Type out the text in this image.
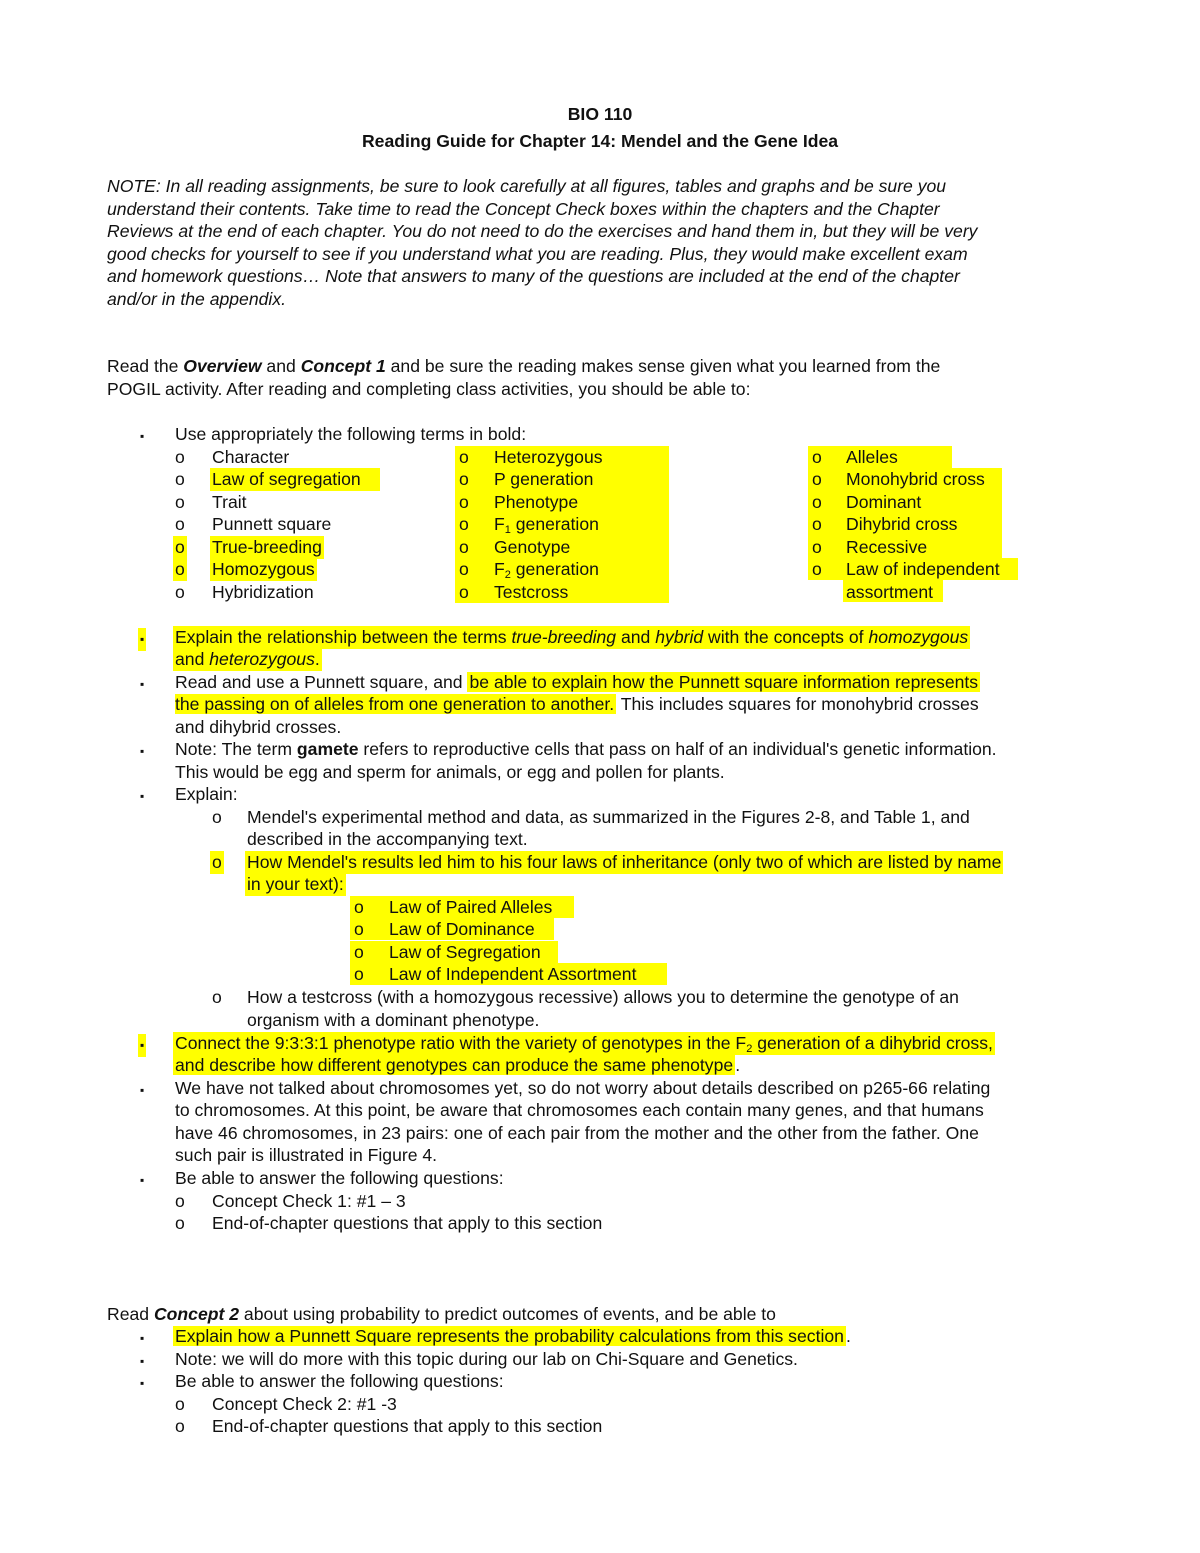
BIO 110
Reading Guide for Chapter 14: Mendel and the Gene Idea
NOTE: In all reading assignments, be sure to look carefully at all figures, tables and graphs and be sure you
understand their contents. Take time to read the Concept Check boxes within the chapters and the Chapter
Reviews at the end of each chapter. You do not need to do the exercises and hand them in, but they will be very
good checks for yourself to see if you understand what you are reading. Plus, they would make excellent exam
and homework questions… Note that answers to many of the questions are included at the end of the chapter
and/or in the appendix.
Read the Overview and Concept 1 and be sure the reading makes sense given what you learned from the
POGIL activity. After reading and completing class activities, you should be able to:
▪ Use appropriately the following terms in bold:
o Character
o Law of segregation
o Trait
o Punnett square
o True-breeding
o Homozygous
o Hybridization
o Heterozygous
o P generation
o Phenotype
o $F_1$ generation
o Genotype
o $F_2$ generation
o Testcross
o Alleles
o Monohybrid cross
o Dominant
o Dihybrid cross
o Recessive
o Law of independent
assortment
▪ Explain the relationship between the terms true-breeding and hybrid with the concepts of homozygous
and heterozygous.
▪ Read and use a Punnett square, and be able to explain how the Punnett square information represents
the passing on of alleles from one generation to another. This includes squares for monohybrid crosses
and dihybrid crosses.
▪ Note: The term gamete refers to reproductive cells that pass on half of an individual's genetic information.
This would be egg and sperm for animals, or egg and pollen for plants.
▪ Explain:
o Mendel's experimental method and data, as summarized in the Figures 2-8, and Table 1, and
described in the accompanying text.
o How Mendel's results led him to his four laws of inheritance (only two of which are listed by name
in your text):
o Law of Paired Alleles
o Law of Dominance
o Law of Segregation
o Law of Independent Assortment
o How a testcross (with a homozygous recessive) allows you to determine the genotype of an
organism with a dominant phenotype.
▪ Connect the 9:3:3:1 phenotype ratio with the variety of genotypes in the $F_2$ generation of a dihybrid cross,
and describe how different genotypes can produce the same phenotype .
▪ We have not talked about chromosomes yet, so do not worry about details described on p265-66 relating
to chromosomes. At this point, be aware that chromosomes each contain many genes, and that humans
have 46 chromosomes, in 23 pairs: one of each pair from the mother and the other from the father. One
such pair is illustrated in Figure 4.
▪ Be able to answer the following questions:
o Concept Check 1: #1 – 3
o End-of-chapter questions that apply to this section
Read Concept 2 about using probability to predict outcomes of events, and be able to
▪ Explain how a Punnett Square represents the probability calculations from this section .
▪ Note: we will do more with this topic during our lab on Chi-Square and Genetics.
▪ Be able to answer the following questions:
o Concept Check 2: #1 -3
o End-of-chapter questions that apply to this section
